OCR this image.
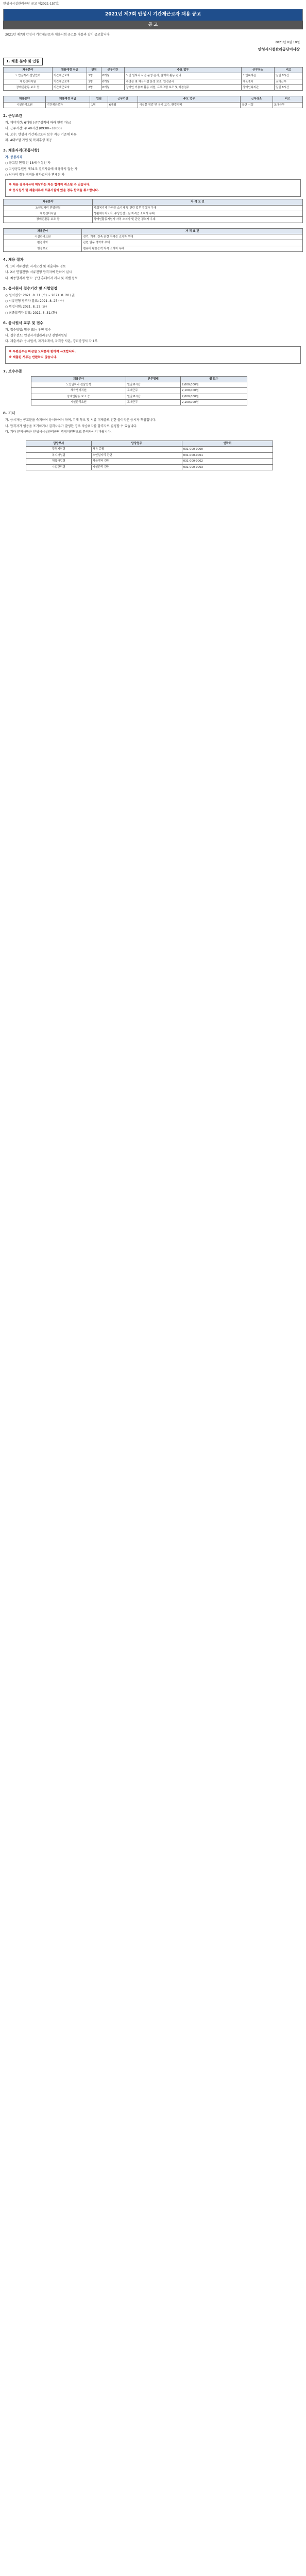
안성시시설관리공단 공고 제2021-157호
2021년 제7회 안성시 기간제근로자 채용 공고
공 고
2021년 제7회 안성시 기간제근로자 채용시험 공고를 다음과 같이 공고합니다.
2021년 8월 10일
안성시시설관리공단이사장
1. 채용 분야 및 인원
채용분야	채용예정 직급	인원	근무기간	주요 업무	근무장소	비고
노인일자리 전담인력	기간제근로자	1명	6개월	노인 일자리 사업 운영 관리, 참여자 활동 관리	노인복지관	일일 8시간
체육센터직원	기간제근로자	1명	6개월	수영장 및 체육시설 운영 보조, 안전관리	체육센터	교대근무
장애인활동 보조 등	기간제근로자	2명	6개월	장애인 이용자 활동 지원, 프로그램 보조 및 행정업무	장애인복지관	일일 8시간
채용분야	채용예정 직급	인원	근무기간	주요 업무	근무장소	비고
시설관리요원	기간제근로자	1명	6개월	시설물 점검 및 유지 보수, 환경정비	공단 시설	교대근무
2. 근무조건

가. 계약기간: 6개월 (근무성적에 따라 연장 가능)

나. 근무시간: 주 40시간 (09:00~18:00)

다. 보수: 안성시 기간제근로자 보수 지급 기준에 따름

라. 4대보험 가입 및 복리후생 제공

3. 채용자격(공통사항)

가. 공통자격

○ 공고일 현재 만 18세 이상인 자

○ 지방공무원법 제31조 결격사유에 해당하지 않는 자

○ 남자의 경우 병역을 필하였거나 면제된 자

※ 채용 결격사유에 해당하는 자는 합격이 취소될 수 있습니다.

※ 응시원서 및 제출서류에 허위사실이 있을 경우 합격을 취소합니다.

채용분야	자 격 요 건
노인일자리 전담인력	사회복지사 자격증 소지자 및 관련 업무 경력자 우대
체육센터직원	생활체육지도사, 수상안전요원 자격증 소지자 우대
장애인활동 보조 등	장애인활동지원사 자격 소지자 및 관련 경력자 우대
채용분야	자 격 요 건
시설관리요원	전기, 기계, 건축 관련 자격증 소지자 우대
환경미화	관련 업무 경력자 우대
행정보조	컴퓨터 활용능력 자격 소지자 우대
4. 채용 절차

가. 1차 서류전형: 자격요건 및 제출서류 검토

나. 2차 면접전형: 서류전형 합격자에 한하여 실시

다. 최종합격자 발표: 공단 홈페이지 게시 및 개별 통보

5. 응시원서 접수기간 및 시험일정

○ 원서접수: 2021. 8. 11.(수) ~ 2021. 8. 20.(금)

○ 서류전형 합격자 발표: 2021. 8. 25.(수)

○ 면접시험: 2021. 8. 27.(금)

○ 최종합격자 발표: 2021. 8. 31.(화)

6. 응시원서 교부 및 접수

가. 접수방법: 방문 또는 우편 접수

나. 접수장소: 안성시시설관리공단 경영지원팀

다. 제출서류: 응시원서, 자기소개서, 자격증 사본, 경력증명서 각 1부

※ 우편접수는 마감일 도착분에 한하여 유효합니다.

※ 제출된 서류는 반환하지 않습니다.

7. 보수수준
채용분야	근무형태	월 보수
노인일자리 전담인력	일일 8시간	2,000,000원
체육센터직원	교대근무	2,100,000원
장애인활동 보조 등	일일 8시간	2,000,000원
시설관리요원	교대근무	2,100,000원
8. 기타

가. 응시자는 공고문을 숙지하여 응시하여야 하며, 기재 착오 및 서류 미제출로 인한 불이익은 응시자 책임입니다.

나. 합격자가 임용을 포기하거나 결격사유가 발생한 경우 차순위자를 합격자로 결정할 수 있습니다.

다. 기타 문의사항은 안성시시설관리공단 경영지원팀으로 문의하시기 바랍니다.

담당부서	담당업무	연락처
경영지원팀	채용 총괄	031-000-0000
복지사업팀	노인일자리 관련	031-000-0001
체육사업팀	체육센터 관련	031-000-0002
시설관리팀	시설관리 관련	031-000-0003
